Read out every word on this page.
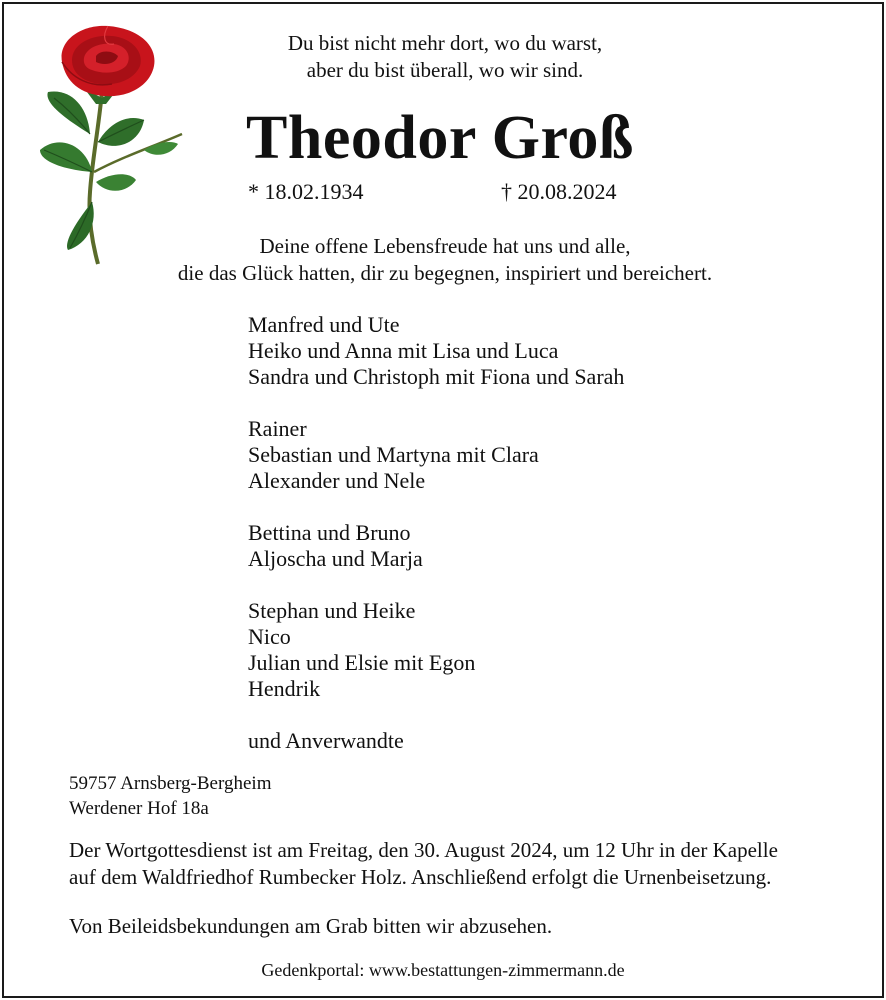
Du bist nicht mehr dort, wo du warst,
aber du bist überall, wo wir sind.
Theodor Groß
* 18.02.1934	† 20.08.2024
Deine offene Lebensfreude hat uns und alle,
die das Glück hatten, dir zu begegnen, inspiriert und bereichert.
Manfred und Ute
Heiko und Anna mit Lisa und Luca
Sandra und Christoph mit Fiona und Sarah
Rainer
Sebastian und Martyna mit Clara
Alexander und Nele
Bettina und Bruno
Aljoscha und Marja
Stephan und Heike
Nico
Julian und Elsie mit Egon
Hendrik
und Anverwandte
59757 Arnsberg-Bergheim
Werdener Hof 18a
Der Wortgottesdienst ist am Freitag, den 30. August 2024, um 12 Uhr in der Kapelle
auf dem Waldfriedhof Rumbecker Holz. Anschließend erfolgt die Urnenbeisetzung.
Von Beileidsbekundungen am Grab bitten wir abzusehen.
Gedenkportal: www.bestattungen-zimmermann.de
